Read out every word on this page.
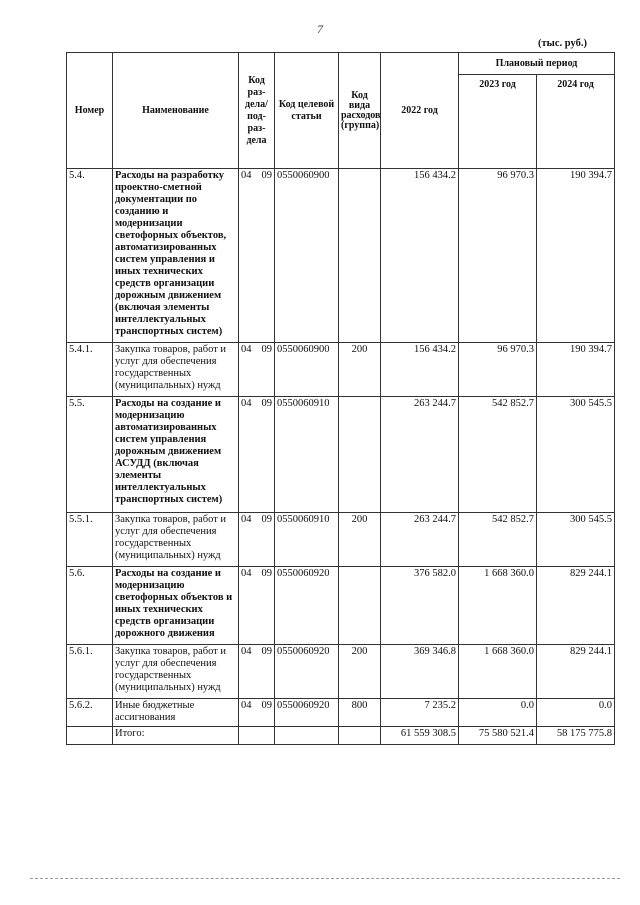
7
(тыс. руб.)
Номер	Наименование	Код раз-дела/ под-раз-дела	Код целевой статьи	Код вида расходов (группа)	2022 год	Плановый период	
						2023 год	2024 год
5.4.	Расходы на разработку проектно-сметной документации по созданию и модернизации светофорных объектов, автоматизированных систем управления и иных технических средств организации дорожным движением (включая элементы интеллектуальных транспортных систем)	04 09	0550060900		156 434.2	96 970.3	190 394.7
5.4.1.	Закупка товаров, работ и услуг для обеспечения государственных (муниципальных) нужд	04 09	0550060900	200	156 434.2	96 970.3	190 394.7
5.5.	Расходы на создание и модернизацию автоматизированных систем управления дорожным движением АСУДД (включая элементы интеллектуальных транспортных систем)	04 09	0550060910		263 244.7	542 852.7	300 545.5
5.5.1.	Закупка товаров, работ и услуг для обеспечения государственных (муниципальных) нужд	04 09	0550060910	200	263 244.7	542 852.7	300 545.5
5.6.	Расходы на создание и модернизацию светофорных объектов и иных технических средств организации дорожного движения	04 09	0550060920		376 582.0	1 668 360.0	829 244.1
5.6.1.	Закупка товаров, работ и услуг для обеспечения государственных (муниципальных) нужд	04 09	0550060920	200	369 346.8	1 668 360.0	829 244.1
5.6.2.	Иные бюджетные ассигнования	04 09	0550060920	800	7 235.2	0.0	0.0
	Итого:				61 559 308.5	75 580 521.4	58 175 775.8
